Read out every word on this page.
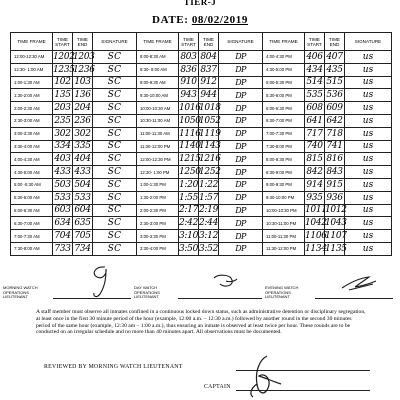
TIER-J
DATE: 08/02/2019
TIME FRAME	TIME START	TIME END	SIGNATURE	TIME FRAME	TIME START	TIME END	SIGNATURE	TIME FRAME	TIME START	TIME END	SIGNATURE
12:00-12:30 AM	1202	1203	SC	8:00-8:30 AM	803	804	DP	4:00-4:30 PM	406	407	us
12:30- 1:00 AM	1235	1236	SC	8:30- 8:00 AM	836	837	DP	4:30-5:00 PM	434	435	us
1:00-1:30 AM	102	103	SC	9:00-9:30 AM	910	912	DP	5:00-5:30 PM	514	515	us
1:30-2:00 AM	135	136	SC	9:30-10:00 AM	943	944	DP	5:30-6:00 PM	535	536	us
2:00-2:30 AM	203	204	SC	10:00-10:30 AM	1016	1018	DP	6:00-6:30 PM	608	609	us
2:30-3:00 AM	235	236	SC	10:30-11:00 AM	1050	1052	DP	6:30-7:00 PM	641	642	us
3:00-3:30 AM	302	302	SC	11:00-11:30 AM	1116	1119	DP	7:00-7:30 PM	717	718	us
3:30-4:00 AM	334	335	SC	11:30-12:00 PM	1140	1143	DP	7:30-8:00 PM	740	741	us
4:00-4:30 AM	403	404	SC	12:00-12:30 PM	1215	1216	DP	8:00-8:30 PM	815	816	us
4:30-5:00 AM	433	433	SC	12:30- 1:00 PM	1250	1252	DP	8:30-9:00 PM	842	843	us
5:00 -5:30 AM	503	504	SC	1:00-1:30 PM	1:20	1:22	DP	9:00-9:30 PM	914	915	us
5:30-6:00 AM	533	533	SC	1:30-2:00 PM	1:55	1:57	DP	9:30-10:00 PM	935	936	us
6:00-6:30 AM	603	604	SC	2:00-2:30 PM	2:17	2:19	DP	10:00-10:30 PM	1011	1012	us
6:30-7:00 AM	634	635	SC	2:30-3:00 PM	2:42	2:44	DP	10:30-11:00 PM	1042	1043	us
7:00-7:30 AM	704	705	SC	3:00-3:30 PM	3:10	3:12	DP	11:00-11:30 PM	1106	1107	us
7:30-8:00 AM	733	734	SC	3:30-4:00 PM	3:50	3:52	DP	11:30-12:00 PM	1134	1135	us
MORNING WATCH OPERATIONS LIEUTENANT
DAY WATCH OPERATIONS LIEUTENANT
EVENING WATCH OPERATIONS LIEUTENANT
A staff member must observe all inmates confined in a continuous locked down status, such as administrative detention or disciplinary segregation, at least once in the first 30 minute period of the hour (example, 12:00 a.m. – 12:30 a.m.) followed by another round in the second 30 minutes period of the same hour (example, 12:30 am – 1:00 a.m.), thus ensuring an inmate is observed at least twice per hour. These rounds are to be conducted on an irregular schedule and no more than 40 minutes apart. All observations must be documented.
REVIEWED BY MORNING WATCH LIEUTENANT
CAPTAIN
